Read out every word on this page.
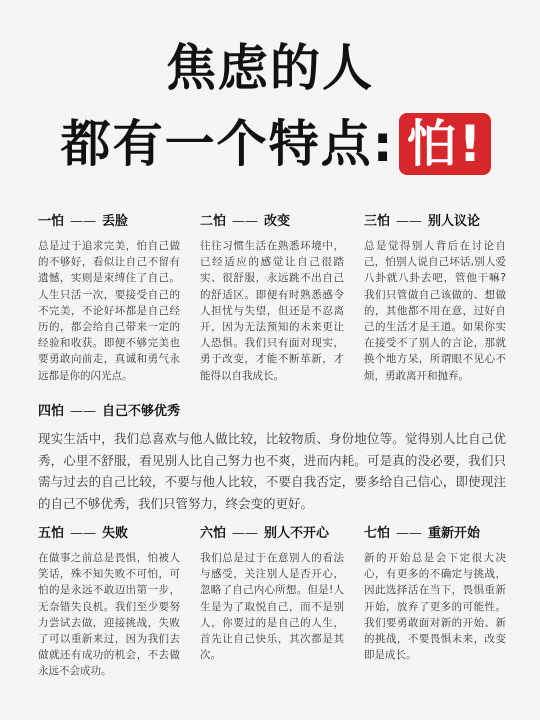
焦虑的人
都有一个特点: 怕!
一怕 —— 丢脸

总是过于追求完美，怕自己做的不够好，看似让自己不留有遗憾，实则是束缚住了自己。人生只活一次，要接受自己的不完美，不论好坏都是自己经历的，都会给自己带来一定的经验和收获。即便不够完美也要勇敢向前走，真诚和勇气永远都是你的闪光点。

二怕 —— 改变

往往习惯生活在熟悉环境中，已经适应的感觉让自己很踏实、很舒服，永远跳不出自己的舒适区。即便有时熟悉感令人担忧与失望，但还是不忍离开，因为无法预知的未来更让人恐惧。我们只有面对现实，勇于改变，才能不断革新，才能得以自我成长。

三怕 —— 别人议论

总是觉得别人背后在讨论自己，怕别人说自己坏话,别人爱八卦就八卦去吧，管他干嘛?我们只管做自己该做的、想做的，其他都不用在意，过好自己的生活才是王道。如果你实在接受不了别人的言论，那就换个地方呆，所谓眼不见心不烦，勇敢离开和抛弃。

四怕 —— 自己不够优秀

现实生活中，我们总喜欢与他人做比较，比较物质、身份地位等。觉得别人比自己优秀，心里不舒服，看见别人比自己努力也不爽，进而内耗。可是真的没必要，我们只需与过去的自己比较，不要与他人比较，不要自我否定，要多给自己信心，即使现注的自己不够优秀，我们只管努力，终会变的更好。

五怕 —— 失败

在做事之前总是畏惧，怕被人笑话，殊不知失败不可怕，可怕的是永远不敢迈出第一步，无奈错失良机。我们至少要努力尝试去做，迎接挑战，失败了可以重新来过，因为我们去做就还有成功的机会，不去做永远不会成功。

六怕 —— 别人不开心

我们总是过于在意别人的看法与感受，关注别人是否开心，忽略了自己内心所想。但是!人生是为了取悦自己，而不是别人，你要过的是自己的人生，首先让自己快乐，其次都是其次。

七怕 —— 重新开始

新的开始总是会下定很大决心，有更多的不确定与挑战，因此选择活在当下，畏惧重新开始，放弃了更多的可能性。我们要勇敢面对新的开始、新的挑战，不要畏惧未来，改变即是成长。
